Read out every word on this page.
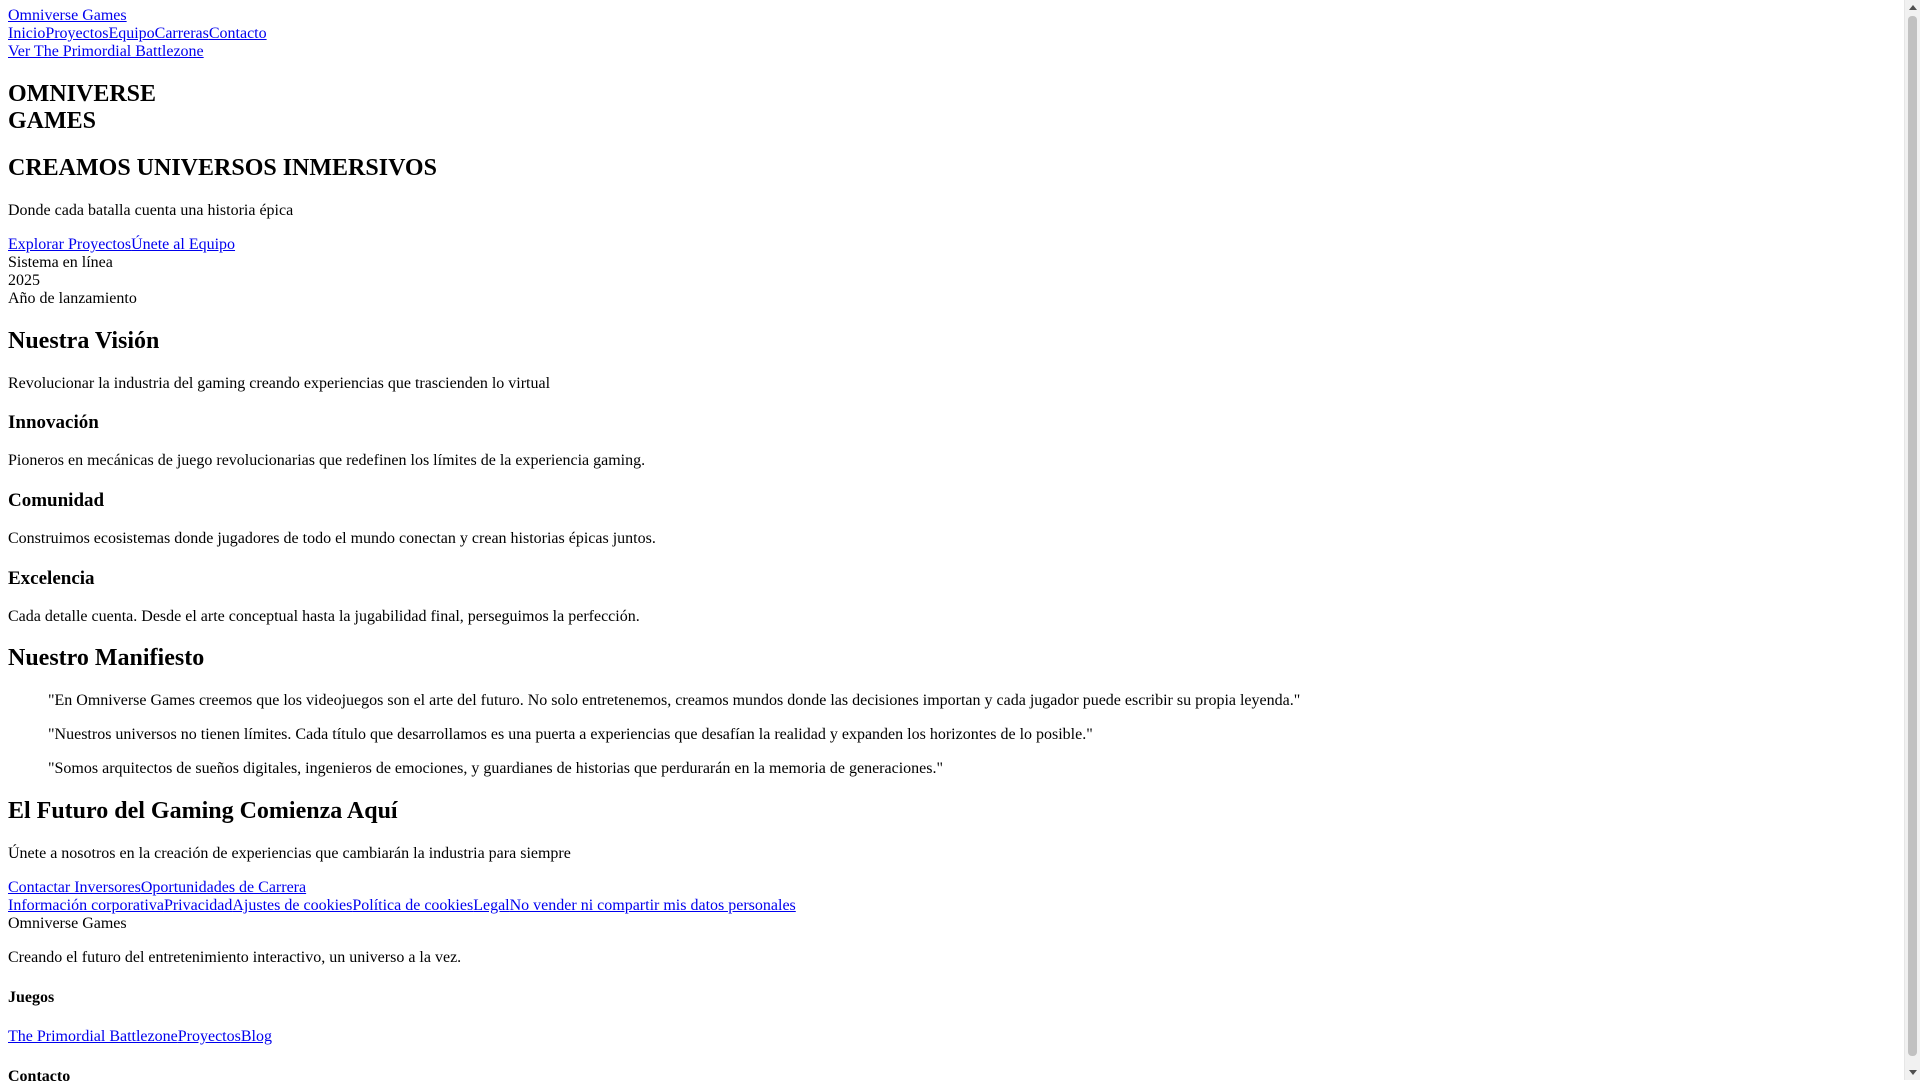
Omniverse Games
InicioProyectosEquipoCarrerasContacto
Ver The Primordial Battlezone
OMNIVERSE
GAMES
CREAMOS UNIVERSOS INMERSIVOS
Donde cada batalla cuenta una historia épica
Explorar ProyectosÚnete al Equipo
Sistema en línea
2025
Año de lanzamiento
Nuestra Visión
Revolucionar la industria del gaming creando experiencias que trascienden lo virtual
Innovación
Pioneros en mecánicas de juego revolucionarias que redefinen los límites de la experiencia gaming.
Comunidad
Construimos ecosistemas donde jugadores de todo el mundo conectan y crean historias épicas juntos.
Excelencia
Cada detalle cuenta. Desde el arte conceptual hasta la jugabilidad final, perseguimos la perfección.
Nuestro Manifiesto
"En Omniverse Games creemos que los videojuegos son el arte del futuro. No solo entretenemos, creamos mundos donde las decisiones importan y cada jugador puede escribir su propia leyenda."
"Nuestros universos no tienen límites. Cada título que desarrollamos es una puerta a experiencias que desafían la realidad y expanden los horizontes de lo posible."
"Somos arquitectos de sueños digitales, ingenieros de emociones, y guardianes de historias que perdurarán en la memoria de generaciones."
El Futuro del Gaming Comienza Aquí
Únete a nosotros en la creación de experiencias que cambiarán la industria para siempre
Contactar InversoresOportunidades de Carrera
Información corporativaPrivacidadAjustes de cookiesPolítica de cookiesLegalNo vender ni compartir mis datos personales
Omniverse Games
Creando el futuro del entretenimiento interactivo, un universo a la vez.
Juegos
The Primordial BattlezoneProyectosBlog
Contacto
